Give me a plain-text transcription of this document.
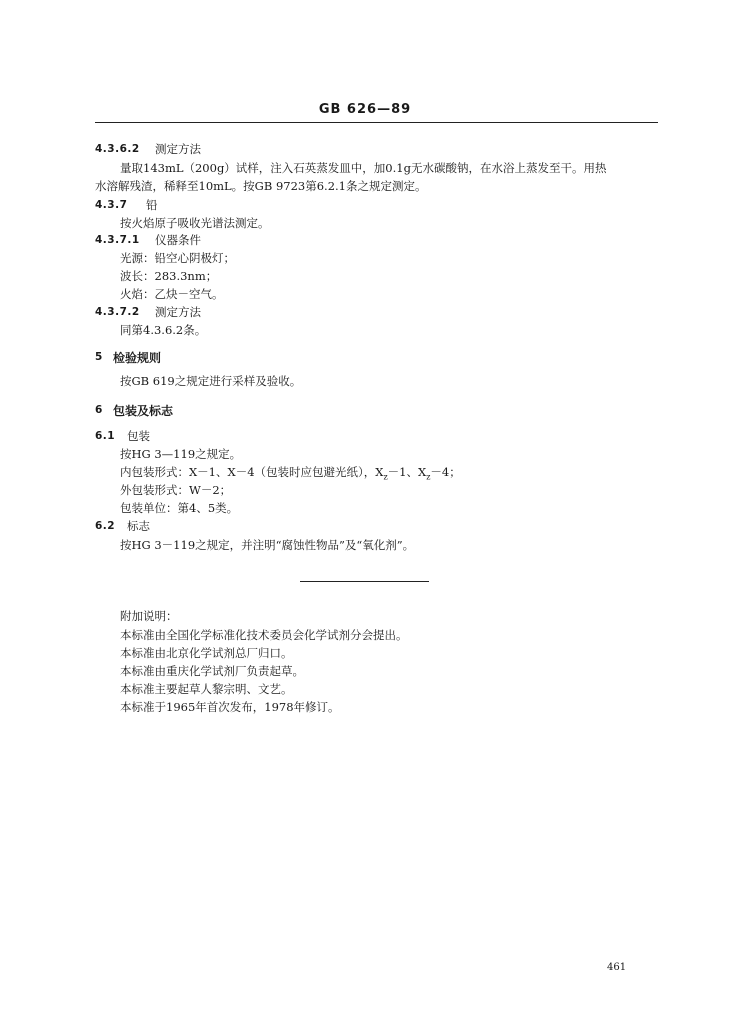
GB 626—89
4.3.6.2 测定方法
量取143mL（200g）试样，注入石英蒸发皿中，加0.1g无水碳酸钠，在水浴上蒸发至干。用热
水溶解残渣，稀释至10mL。按GB 9723第6.2.1条之规定测定。
4.3.7 铅
按火焰原子吸收光谱法测定。
4.3.7.1 仪器条件
光源：铅空心阴极灯；
波长：283.3nm；
火焰：乙炔－空气。
4.3.7.2 测定方法
同第4.3.6.2条。
5 检验规则
按GB 619之规定进行采样及验收。
6 包装及标志
6.1 包装
按HG 3—119之规定。
内包装形式：X－1、X－4（包装时应包避光纸），$X_z-1$、$X_z-4$；
外包装形式：W－2；
包装单位：第4、5类。
6.2 标志
按HG 3－119之规定，并注明“腐蚀性物品”及“氧化剂”。
附加说明：
本标准由全国化学标准化技术委员会化学试剂分会提出。
本标准由北京化学试剂总厂归口。
本标准由重庆化学试剂厂负责起草。
本标准主要起草人黎宗明、文艺。
本标准于1965年首次发布，1978年修订。
461
